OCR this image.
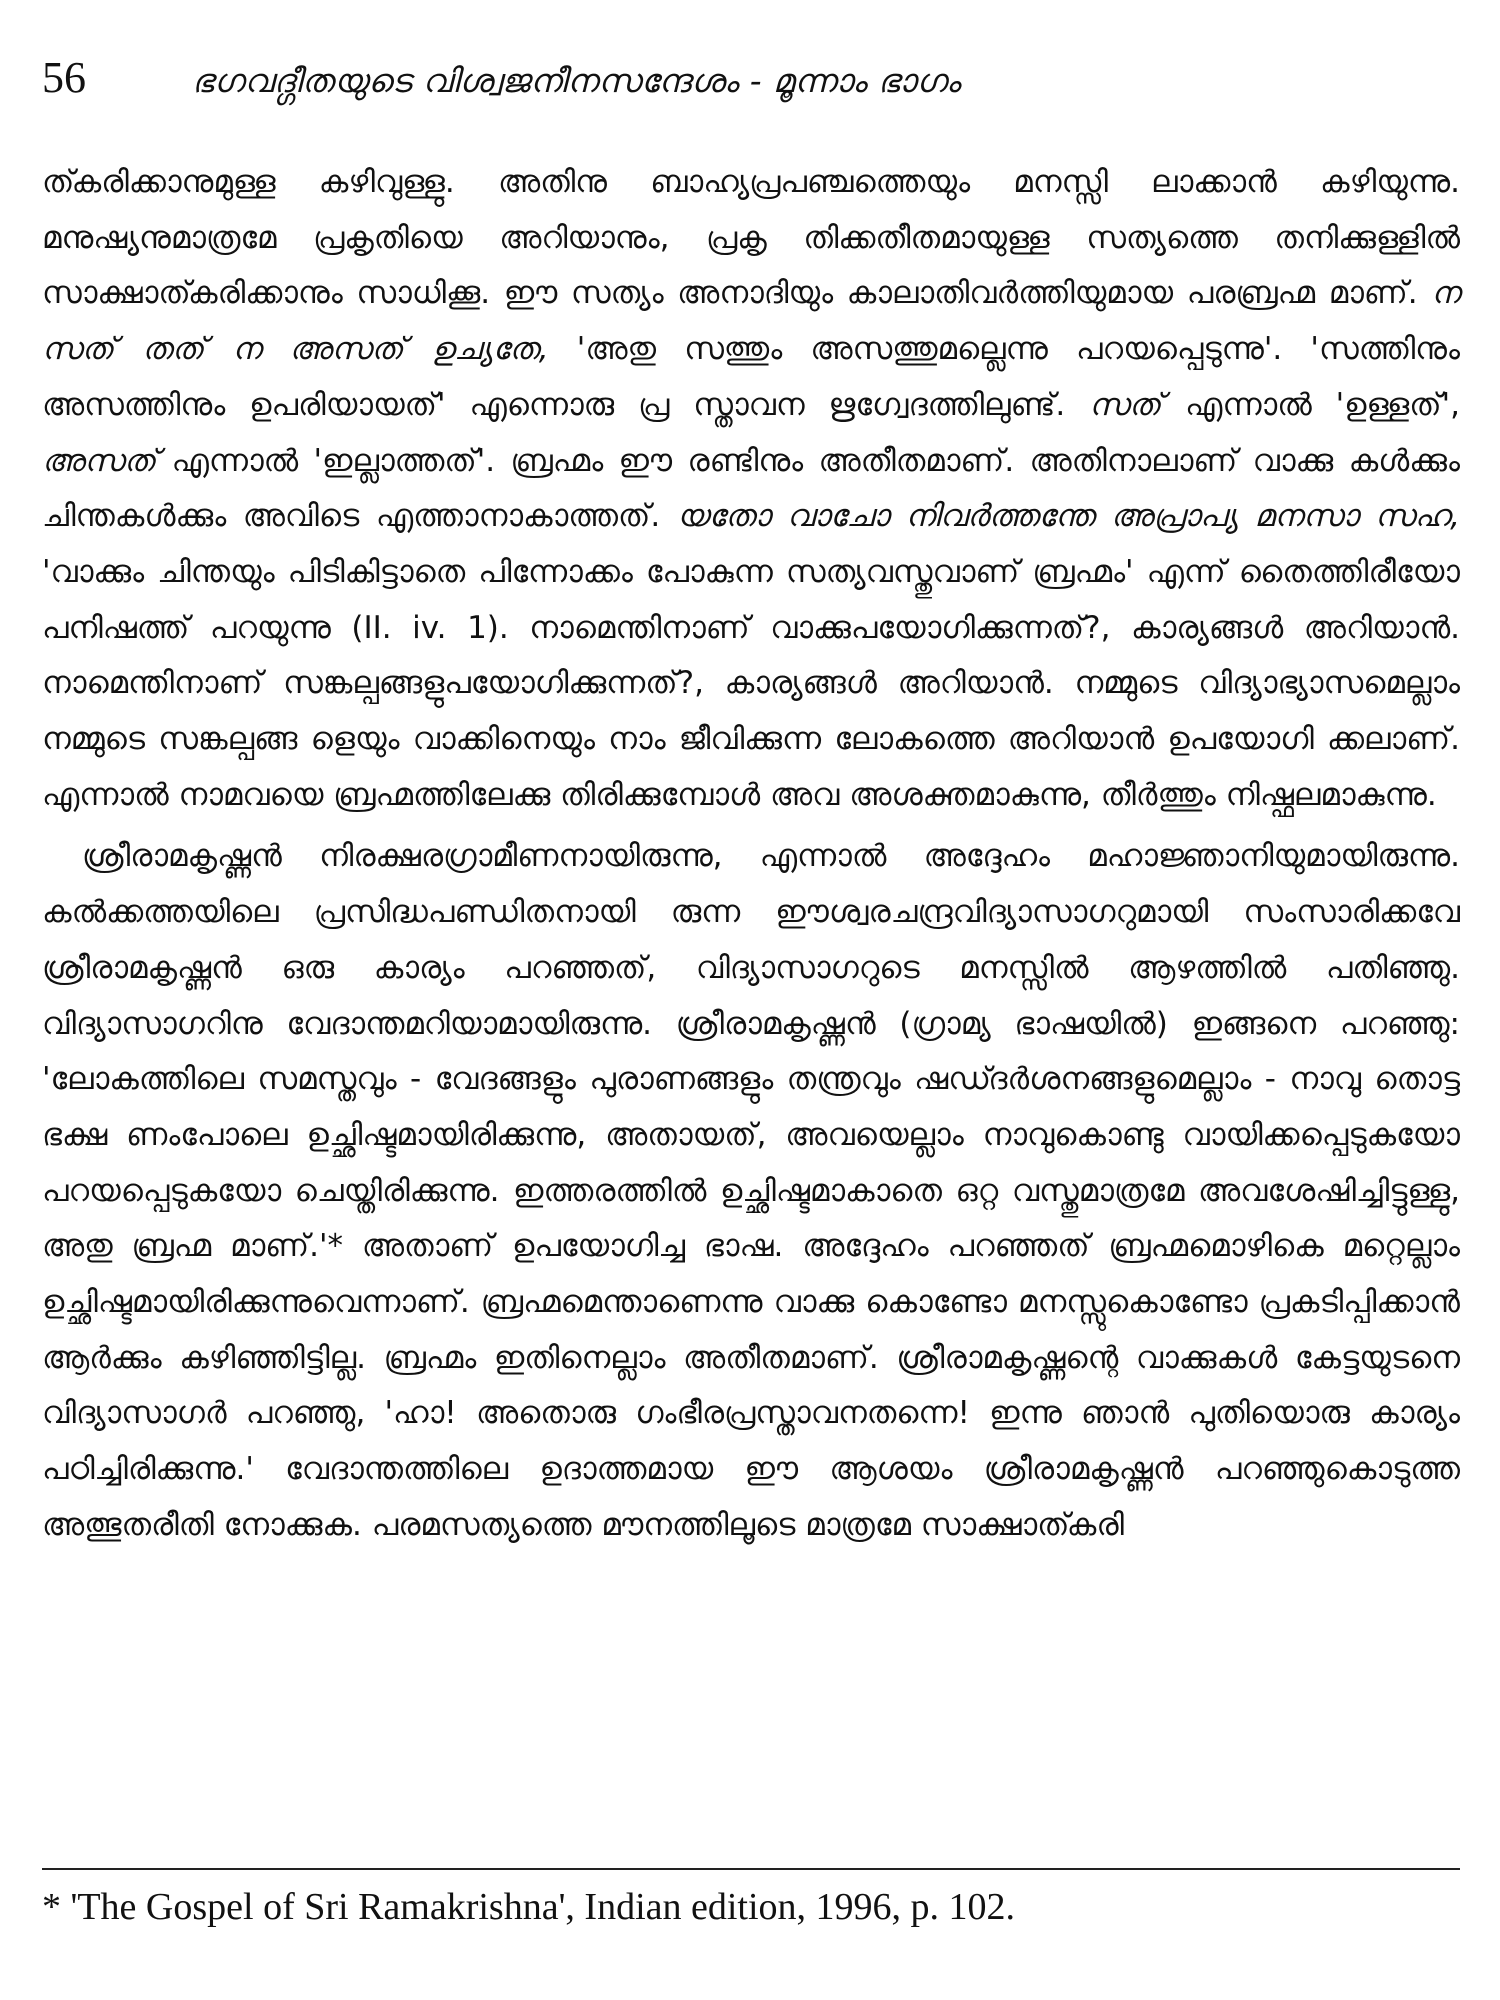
56	ഭഗവദ്ഗീതയുടെ വിശ്വജനീനസന്ദേശം - മൂന്നാം ഭാഗം

ത്കരിക്കാനുമുള്ള കഴിവുള്ളു. അതിനു ബാഹ്യപ്രപഞ്ചത്തെയും മനസ്സി ലാക്കാൻ കഴിയുന്നു. മനുഷ്യനുമാത്രമേ പ്രകൃതിയെ അറിയാനും, പ്രകൃ തിക്കതീതമായുള്ള സത്യത്തെ തനിക്കുള്ളിൽ സാക്ഷാത്കരിക്കാനും സാധിക്കൂ. ഈ സത്യം അനാദിയും കാലാതിവർത്തിയുമായ പരബ്രഹ്മ മാണ്. ന സത് തത് ന അസത് ഉച്യതേ, 'അതു സത്തും അസത്തുമല്ലെന്നു പറയപ്പെടുന്നു'. 'സത്തിനും അസത്തിനും ഉപരിയായത്' എന്നൊരു പ്ര സ്താവന ഋഗ്വേദത്തിലുണ്ട്. സത് എന്നാൽ 'ഉള്ളത്', അസത് എന്നാൽ 'ഇല്ലാത്തത്'. ബ്രഹ്മം ഈ രണ്ടിനും അതീതമാണ്. അതിനാലാണ് വാക്കു കൾക്കും ചിന്തകൾക്കും അവിടെ എത്താനാകാത്തത്. യതോ വാചോ നിവർത്തന്തേ അപ്രാപ്യ മനസാ സഹ, 'വാക്കും ചിന്തയും പിടികിട്ടാതെ പിന്നോക്കം പോകുന്ന സത്യവസ്തുവാണ് ബ്രഹ്മം' എന്ന് തൈത്തിരീയോ പനിഷത്ത് പറയുന്നു (II. iv. 1). നാമെന്തിനാണ് വാക്കുപയോഗിക്കുന്നത്?, കാര്യങ്ങൾ അറിയാൻ. നാമെന്തിനാണ് സങ്കല്പങ്ങളുപയോഗിക്കുന്നത്?, കാര്യങ്ങൾ അറിയാൻ. നമ്മുടെ വിദ്യാഭ്യാസമെല്ലാം നമ്മുടെ സങ്കല്പങ്ങ ളെയും വാക്കിനെയും നാം ജീവിക്കുന്ന ലോകത്തെ അറിയാൻ ഉപയോഗി ക്കലാണ്. എന്നാൽ നാമവയെ ബ്രഹ്മത്തിലേക്കു തിരിക്കുമ്പോൾ അവ അശക്തമാകുന്നു, തീർത്തും നിഷ്ഫലമാകുന്നു.

ശ്രീരാമകൃഷ്ണൻ നിരക്ഷരഗ്രാമീണനായിരുന്നു, എന്നാൽ അദ്ദേഹം മഹാജ്ഞാനിയുമായിരുന്നു. കൽക്കത്തയിലെ പ്രസിദ്ധപണ്ഡിതനായി രുന്ന ഈശ്വരചന്ദ്രവിദ്യാസാഗറുമായി സംസാരിക്കവേ ശ്രീരാമകൃഷ്ണൻ ഒരു കാര്യം പറഞ്ഞത്, വിദ്യാസാഗറുടെ മനസ്സിൽ ആഴത്തിൽ പതിഞ്ഞു. വിദ്യാസാഗറിനു വേദാന്തമറിയാമായിരുന്നു. ശ്രീരാമകൃഷ്ണൻ (ഗ്രാമ്യ ഭാഷയിൽ) ഇങ്ങനെ പറഞ്ഞു: 'ലോകത്തിലെ സമസ്തവും - വേദങ്ങളും പുരാണങ്ങളും തന്ത്രവും ഷഡ്ദർശനങ്ങളുമെല്ലാം - നാവു തൊട്ട ഭക്ഷ ണംപോലെ ഉച്ഛിഷ്ടമായിരിക്കുന്നു, അതായത്, അവയെല്ലാം നാവുകൊണ്ടു വായിക്കപ്പെടുകയോ പറയപ്പെടുകയോ ചെയ്തിരിക്കുന്നു. ഇത്തരത്തിൽ ഉച്ഛിഷ്ടമാകാതെ ഒറ്റ വസ്തുമാത്രമേ അവശേഷിച്ചിട്ടുള്ളു, അതു ബ്രഹ്മ മാണ്.'* അതാണ് ഉപയോഗിച്ച ഭാഷ. അദ്ദേഹം പറഞ്ഞത് ബ്രഹ്മമൊഴികെ മറ്റെല്ലാം ഉച്ഛിഷ്ടമായിരിക്കുന്നുവെന്നാണ്. ബ്രഹ്മമെന്താണെന്നു വാക്കു കൊണ്ടോ മനസ്സുകൊണ്ടോ പ്രകടിപ്പിക്കാൻ ആർക്കും കഴിഞ്ഞിട്ടില്ല. ബ്രഹ്മം ഇതിനെല്ലാം അതീതമാണ്. ശ്രീരാമകൃഷ്ണന്റെ വാക്കുകൾ കേട്ടയുടനെ വിദ്യാസാഗർ പറഞ്ഞു, 'ഹാ! അതൊരു ഗംഭീരപ്രസ്താവനതന്നെ! ഇന്നു ഞാൻ പുതിയൊരു കാര്യം പഠിച്ചിരിക്കുന്നു.' വേദാന്തത്തിലെ ഉദാത്തമായ ഈ ആശയം ശ്രീരാമകൃഷ്ണൻ പറഞ്ഞുകൊടുത്ത അത്ഭുതരീതി നോക്കുക. പരമസത്യത്തെ മൗനത്തിലൂടെ മാത്രമേ സാക്ഷാത്കരി

* 'The Gospel of Sri Ramakrishna', Indian edition, 1996, p. 102.
